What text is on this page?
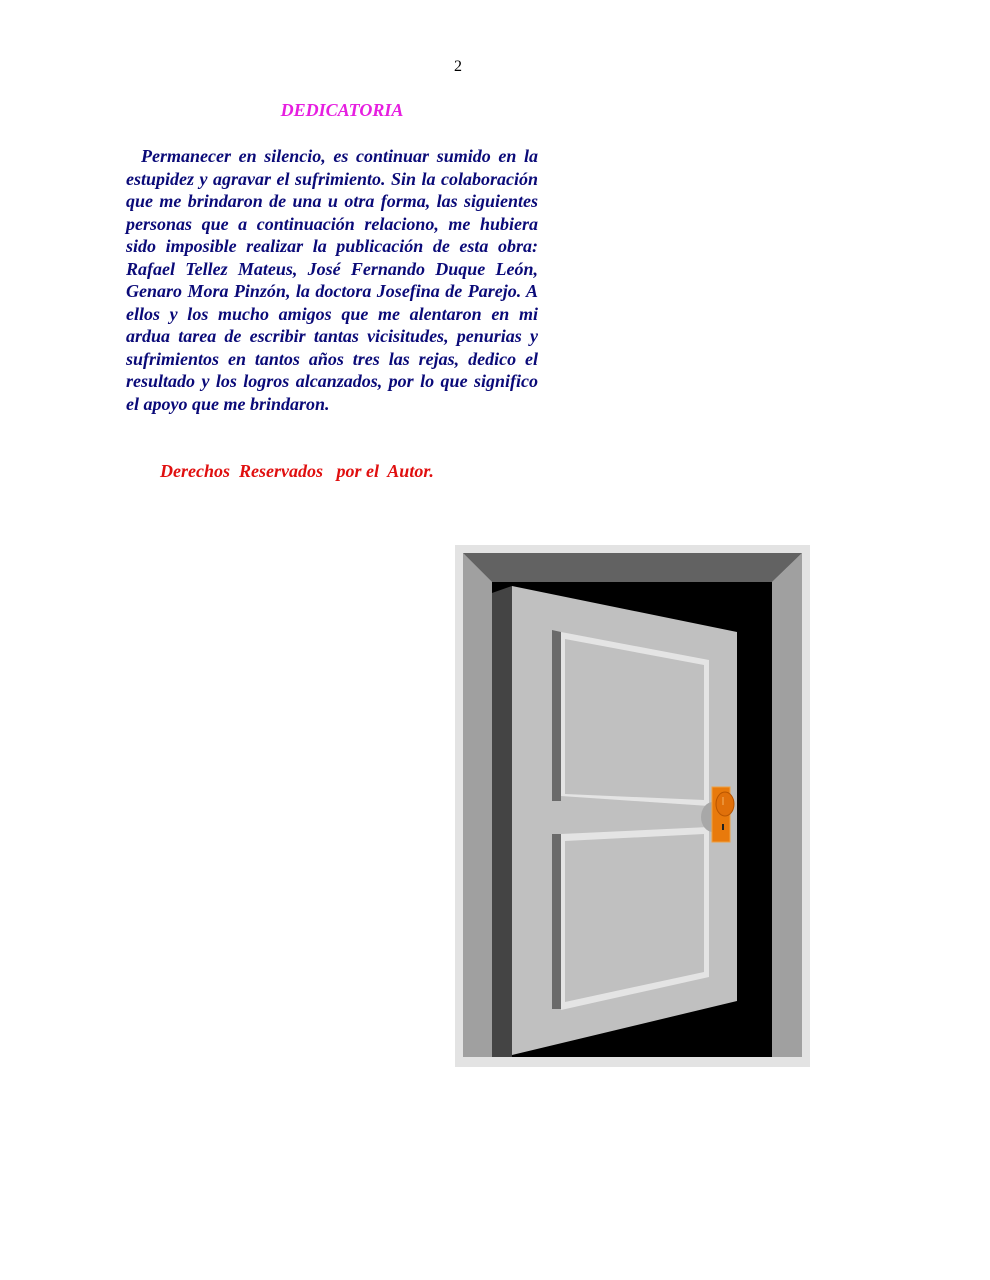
2
DEDICATORIA

Permanecer en silencio, es continuar sumido en la estupidez y agravar el sufrimiento. Sin la colaboración que me brindaron de una u otra forma, las siguientes personas que a continuación relaciono, me hubiera sido imposible realizar la publicación de esta obra: Rafael Tellez Mateus, José Fernando Duque León, Genaro Mora Pinzón, la doctora Josefina de Parejo. A ellos y los mucho amigos que me alentaron en mi ardua tarea de escribir tantas vicisitudes, penurias y sufrimientos en tantos años tres las rejas, dedico el resultado y los logros alcanzados, por lo que significo el apoyo que me brindaron.

Derechos  Reservados   por el  Autor.
